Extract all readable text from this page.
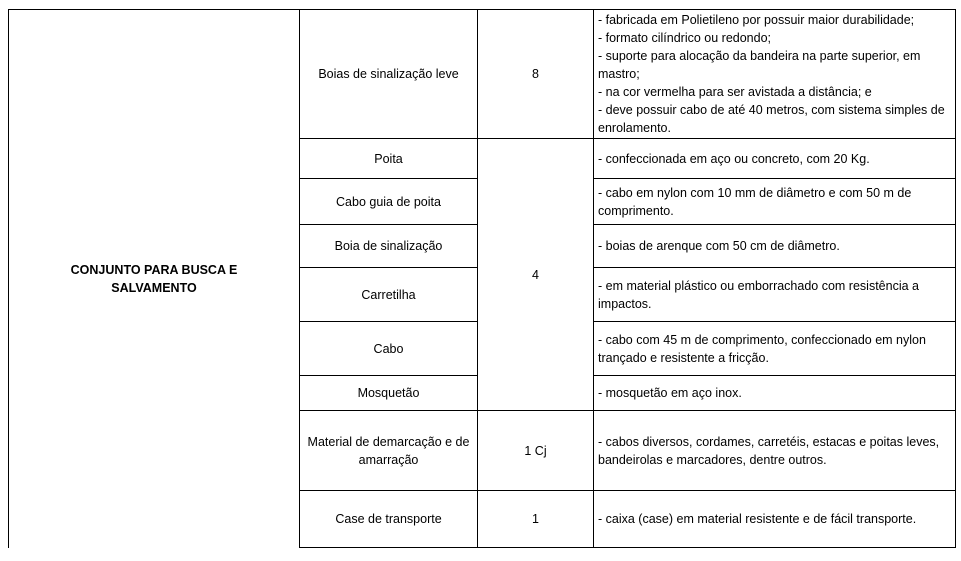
CONJUNTO PARA BUSCA E SALVAMENTO	Boias de sinalização leve	8	- fabricada em Polietileno por possuir maior durabilidade;
- formato cilíndrico ou redondo;
- suporte para alocação da bandeira na parte superior, em mastro;
- na cor vermelha para ser avistada a distância; e
- deve possuir cabo de até 40 metros, com sistema simples de enrolamento.

	Poita	4	- confeccionada em aço ou concreto, com 20 Kg.
	Cabo guia de poita		- cabo em nylon com 10 mm de diâmetro e com 50 m de comprimento.
	Boia de sinalização		- boias de arenque com 50 cm de diâmetro.
	Carretilha		- em material plástico ou emborrachado com resistência a impactos.
	Cabo		- cabo com 45 m de comprimento, confeccionado em nylon trançado e resistente a fricção.
	Mosquetão		- mosquetão em aço inox.
	Material de demarcação e de amarração	1 Cj	- cabos diversos, cordames, carretéis, estacas e poitas leves, bandeirolas e marcadores, dentre outros.
	Case de transporte	1	- caixa (case) em material resistente e de fácil transporte.
